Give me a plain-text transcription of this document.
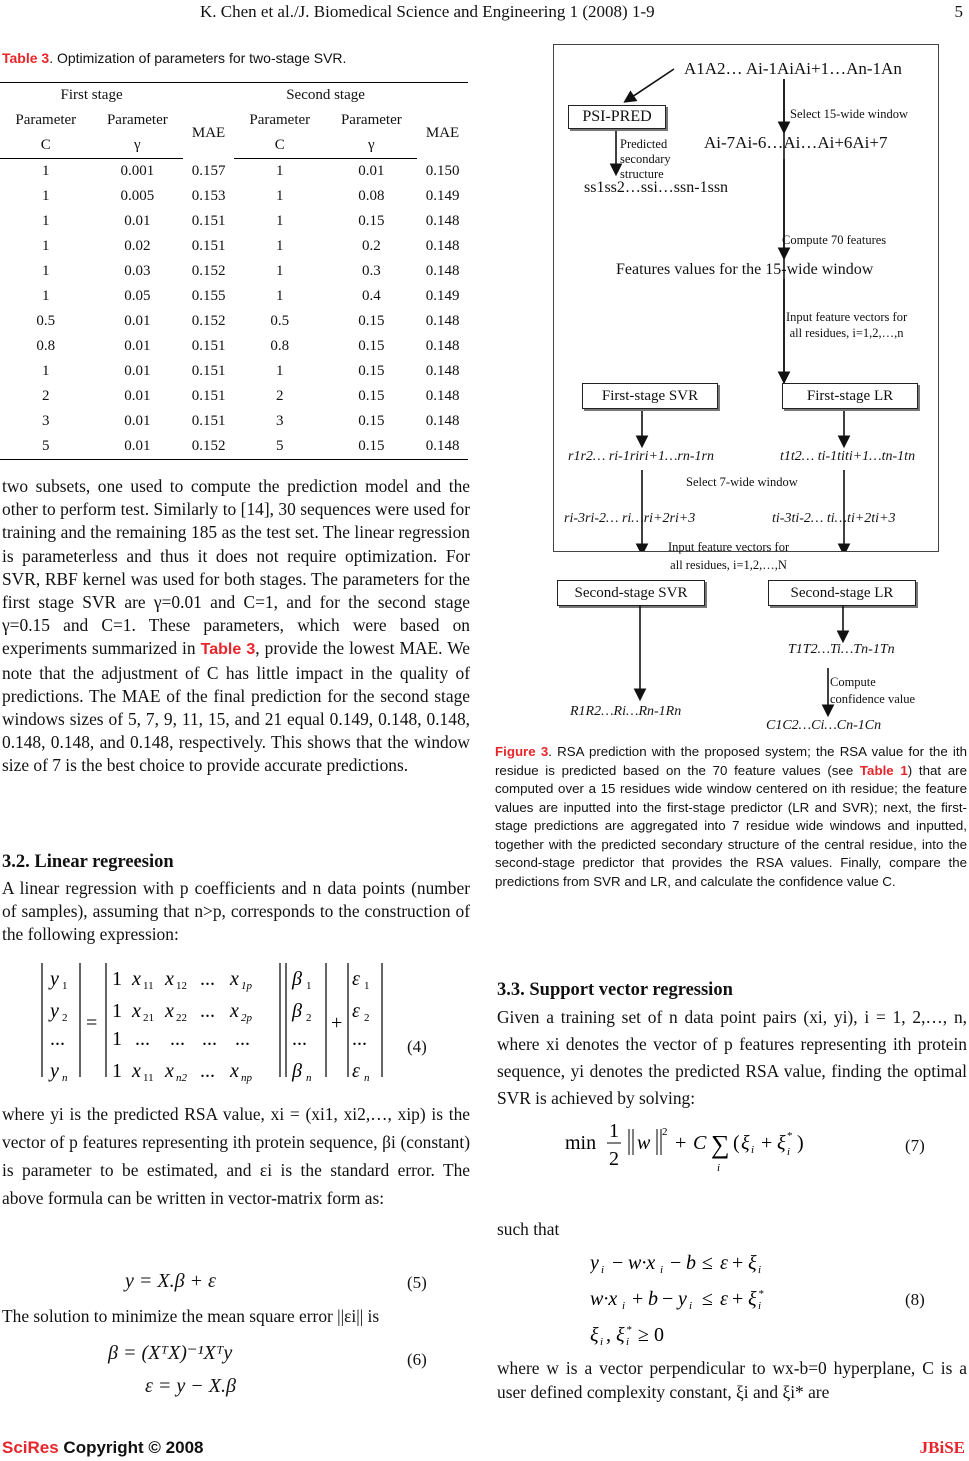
K. Chen et al./J. Biomedical Science and Engineering 1 (2008) 1-9	5
Table 3. Optimization of parameters for two-stage SVR.
First stage			Second stage		
Parameter	Parameter	MAE	Parameter	Parameter	MAE
C	γ		C	γ	
1	0.001	0.157	1	0.01	0.150
1	0.005	0.153	1	0.08	0.149
1	0.01	0.151	1	0.15	0.148
1	0.02	0.151	1	0.2	0.148
1	0.03	0.152	1	0.3	0.148
1	0.05	0.155	1	0.4	0.149
0.5	0.01	0.152	0.5	0.15	0.148
0.8	0.01	0.151	0.8	0.15	0.148
1	0.01	0.151	1	0.15	0.148
2	0.01	0.151	2	0.15	0.148
3	0.01	0.151	3	0.15	0.148
5	0.01	0.152	5	0.15	0.148
two subsets, one used to compute the prediction model and the other to perform test. Similarly to [14], 30 sequences were used for training and the remaining 185 as the test set. The linear regression is parameterless and thus it does not require optimization. For SVR, RBF kernel was used for both stages. The parameters for the first stage SVR are γ=0.01 and C=1, and for the second stage γ=0.15 and C=1. These parameters, which were based on experiments summarized in Table 3, provide the lowest MAE. We note that the adjustment of C has little impact in the quality of predictions. The MAE of the final prediction for the second stage windows sizes of 5, 7, 9, 11, 15, and 21 equal 0.149, 0.148, 0.148, 0.148, 0.148, and 0.148, respectively. This shows that the window size of 7 is the best choice to provide accurate predictions.
3.2. Linear regreesion
A linear regression with p coefficients and n data points (number of samples), assuming that n>p, corresponds to the construction of the following expression:
y 1
y 2
...
y n
=
1 x 11 x 12 ... x 1p
1 x 21 x 22 ... x 2p
1 ... ... ... ...
1 x 11 x n2 ... x np
β 1
β 2
...
β n
+
ε 1
ε 2
...
ε n
(4)
where yi is the predicted RSA value, xi = (xi1, xi2,…, xip) is the vector of p features representing ith protein sequence, βi (constant) is parameter to be estimated, and εi is the standard error. The above formula can be written in vector-matrix form as:
y = X.β + ε	(5)
The solution to minimize the mean square error ||εi|| is
β = (XᵀX)⁻¹Xᵀy
ε = y − X.β
(6)
A1A2… Ai-1AiAi+1…An-1An
PSI-PRED	Select 15-wide window
Ai-7Ai-6…Ai…Ai+6Ai+7
Predicted
secondary
structure
ss1ss2…ssi…ssn-1ssn
Compute 70 features
Features values for the 15-wide window
Input feature vectors for
all residues, i=1,2,…,n
First-stage SVR	First-stage LR
r1r2… ri-1riri+1…rn-1rn	t1t2… ti-1titi+1…tn-1tn
Select 7-wide window
ri-3ri-2… ri…ri+2ri+3	ti-3ti-2… ti…ti+2ti+3
Input feature vectors for
all residues, i=1,2,…,N
Second-stage SVR	Second-stage LR
T1T2…Ti…Tn-1Tn
Compute
confidence value
R1R2…Ri…Rn-1Rn
C1C2…Ci…Cn-1Cn
Figure 3. RSA prediction with the proposed system; the RSA value for the ith residue is predicted based on the 70 feature values (see Table 1) that are computed over a 15 residues wide window centered on ith residue; the feature values are inputted into the first-stage predictor (LR and SVR); next, the first-stage predictions are aggregated into 7 residue wide windows and inputted, together with the predicted secondary structure of the central residue, into the second-stage predictor that provides the RSA values. Finally, compare the predictions from SVR and LR, and calculate the confidence value C.
3.3. Support vector regression
Given a training set of n data point pairs (xi, yi), i = 1, 2,…, n, where xi denotes the vector of p features representing ith protein sequence, yi denotes the predicted RSA value, finding the optimal SVR is achieved by solving:
min
1
2
w 2 + C ∑
i
( ξ i + ξ *
i )	(7)
such that
y i − w·x i − b ≤ ε + ξ i
w·x i + b − y i ≤ ε + ξ *
i
ξ i , ξ *
i ≥ 0
(8)
where w is a vector perpendicular to wx-b=0 hyperplane, C is a user defined complexity constant, ξi and ξi* are
SciRes Copyright © 2008	JBiSE
